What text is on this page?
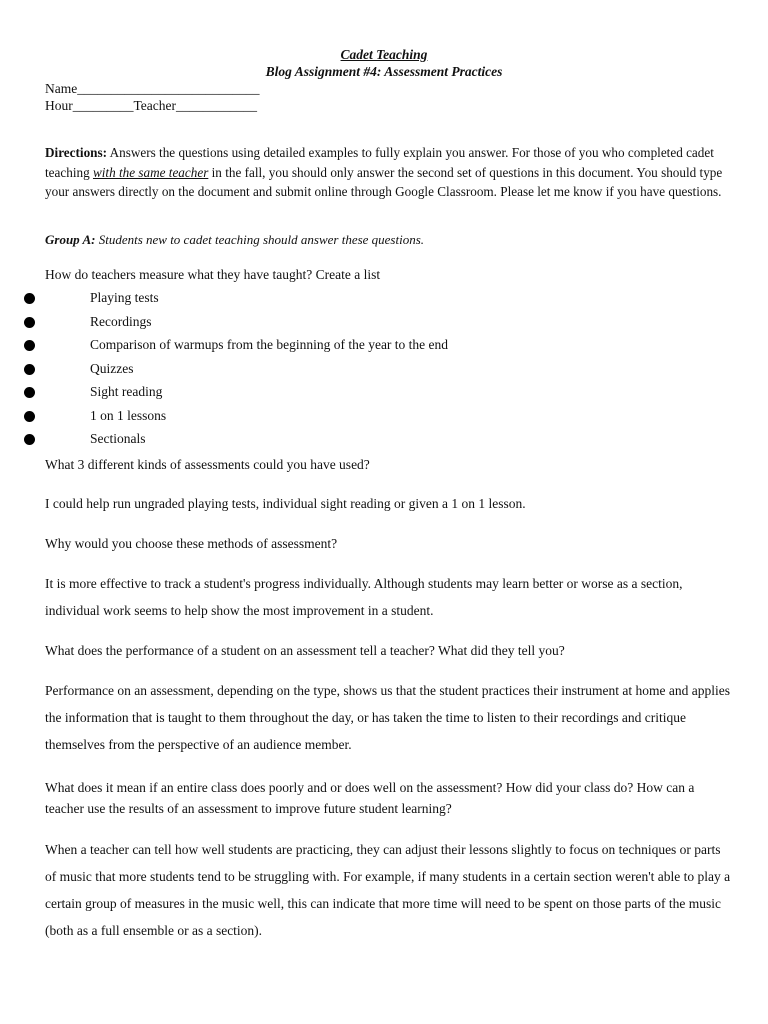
Cadet Teaching
Blog Assignment #4: Assessment Practices
Name___________________________
Hour_________Teacher____________
Directions: Answers the questions using detailed examples to fully explain you answer. For those of you who completed cadet teaching with the same teacher in the fall, you should only answer the second set of questions in this document. You should type your answers directly on the document and submit online through Google Classroom. Please let me know if you have questions.
Group A: Students new to cadet teaching should answer these questions.
How do teachers measure what they have taught? Create a list
Playing tests
Recordings
Comparison of warmups from the beginning of the year to the end
Quizzes
Sight reading
1 on 1 lessons
Sectionals
What 3 different kinds of assessments could you have used?
I could help run ungraded playing tests, individual sight reading or given a 1 on 1 lesson.
Why would you choose these methods of assessment?
It is more effective to track a student's progress individually. Although students may learn better or worse as a section, individual work seems to help show the most improvement in a student.
What does the performance of a student on an assessment tell a teacher? What did they tell you?
Performance on an assessment, depending on the type, shows us that the student practices their instrument at home and applies the information that is taught to them throughout the day, or has taken the time to listen to their recordings and critique themselves from the perspective of an audience member.
What does it mean if an entire class does poorly and or does well on the assessment? How did your class do? How can a teacher use the results of an assessment to improve future student learning?
When a teacher can tell how well students are practicing, they can adjust their lessons slightly to focus on techniques or parts of music that more students tend to be struggling with. For example, if many students in a certain section weren't able to play a certain group of measures in the music well, this can indicate that more time will need to be spent on those parts of the music (both as a full ensemble or as a section).
